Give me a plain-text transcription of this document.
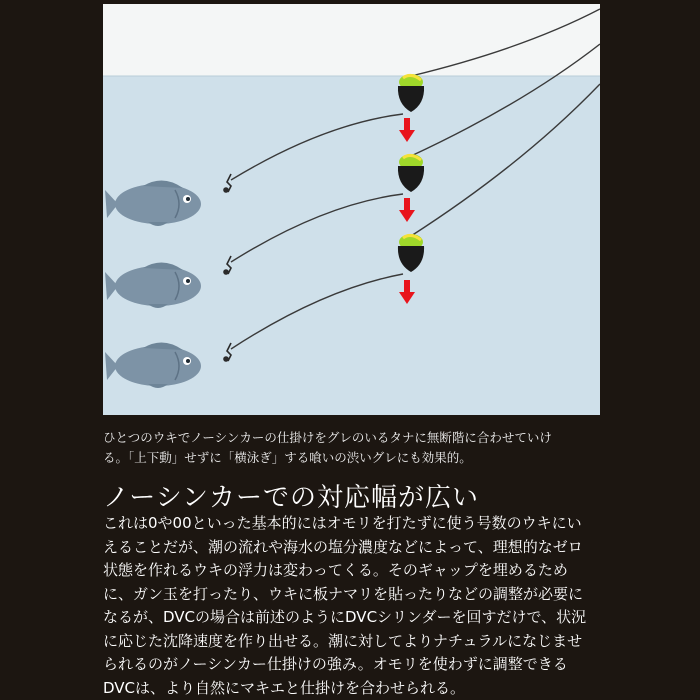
ひとつのウキでノーシンカーの仕掛けをグレのいるタナに無断階に合わせていけ
る。「上下動」せずに「横泳ぎ」する喰いの渋いグレにも効果的。
ノーシンカーでの対応幅が広い
これは0や00といった基本的にはオモリを打たずに使う号数のウキにい
えることだが、潮の流れや海水の塩分濃度などによって、理想的なゼロ
状態を作れるウキの浮力は変わってくる。そのギャップを埋めるため
に、ガン玉を打ったり、ウキに板ナマリを貼ったりなどの調整が必要に
なるが、DVCの場合は前述のようにDVCシリンダーを回すだけで、状況
に応じた沈降速度を作り出せる。潮に対してよりナチュラルになじませ
られるのがノーシンカー仕掛けの強み。オモリを使わずに調整できる
DVCは、より自然にマキエと仕掛けを合わせられる。
